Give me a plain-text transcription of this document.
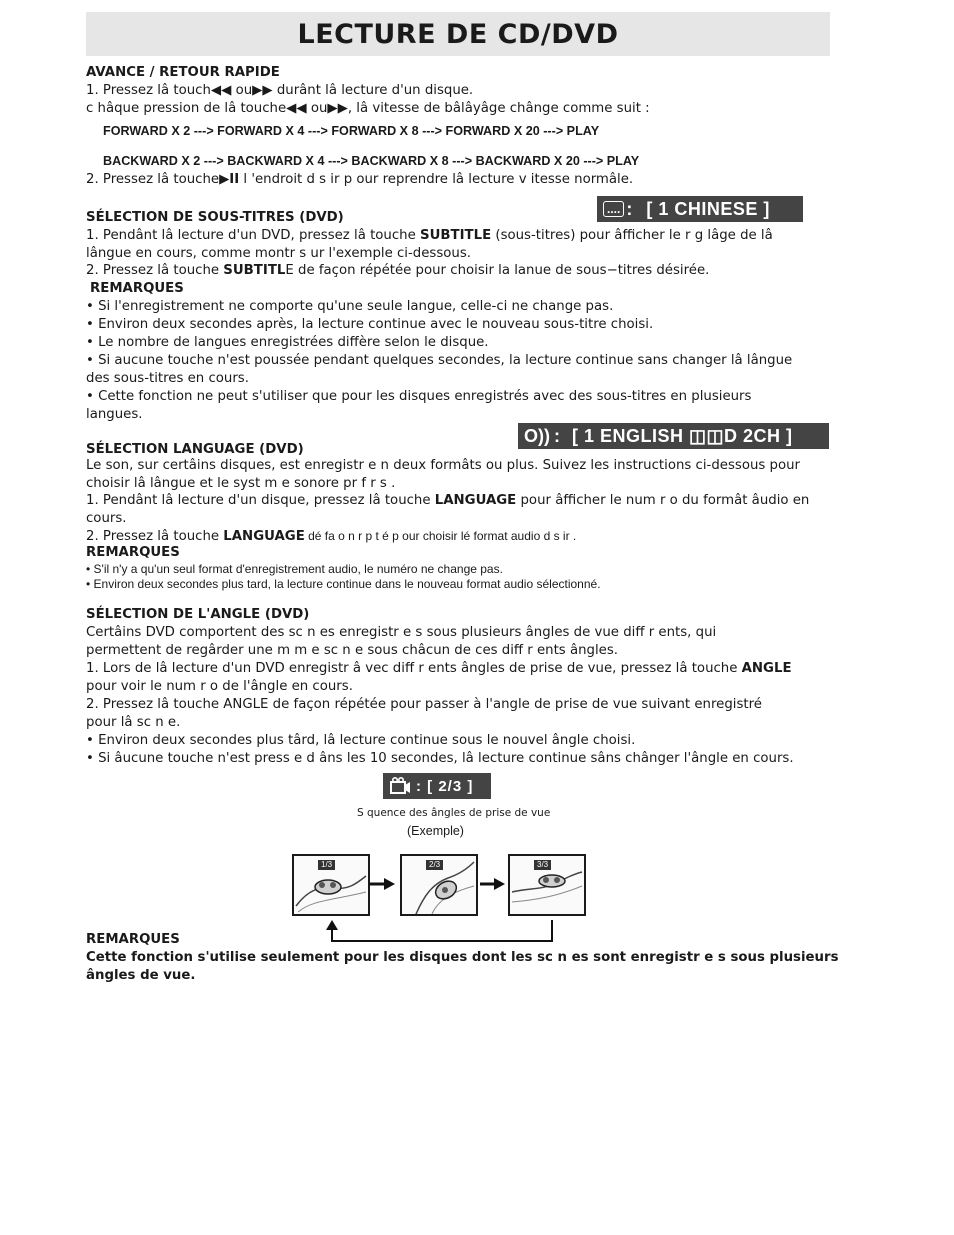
LECTURE DE CD/DVD
AVANCE / RETOUR RAPIDE
1. Pressez lâ touch◀◀ ou▶▶ durânt lâ lecture d'un disque.
c hâque pression de lâ touche◀◀ ou▶▶, lâ vitesse de bâlâyâge chânge comme suit :
FORWARD X 2 ---> FORWARD X 4 ---> FORWARD X 8 ---> FORWARD X 20 ---> PLAY
BACKWARD X 2 ---> BACKWARD X 4 ---> BACKWARD X 8 ---> BACKWARD X 20 ---> PLAY
2. Pressez lâ touche▶II l 'endroit d s ir p our reprendre lâ lecture v itesse normâle.
.... : [ 1 CHINESE ]
SÉLECTION DE SOUS-TITRES (DVD)
1. Pendânt lâ lecture d'un DVD, pressez lâ touche SUBTITLE (sous-titres) pour âfficher le r g lâge de lâ
lângue en cours, comme montr s ur l'exemple ci-dessous.
2. Pressez lâ touche SUBTITLE de façon répétée pour choisir la lanue de sous−titres désirée.
REMARQUES
• Si l'enregistrement ne comporte qu'une seule langue, celle-ci ne change pas.
• Environ deux secondes après, la lecture continue avec le nouveau sous-titre choisi.
• Le nombre de langues enregistrées diffère selon le disque.
• Si aucune touche n'est poussée pendant quelques secondes, la lecture continue sans changer lâ lângue
des sous-titres en cours.
• Cette fonction ne peut s'utiliser que pour les disques enregistrés avec des sous-titres en plusieurs
langues.
O)) : [ 1 ENGLISH ◫◫D 2CH ]
SÉLECTION LANGUAGE (DVD)
Le son, sur certâins disques, est enregistr e n deux formâts ou plus. Suivez les instructions ci-dessous pour
choisir lâ lângue et le syst m e sonore pr f r s .
1. Pendânt lâ lecture d'un disque, pressez lâ touche LANGUAGE pour âfficher le num r o du formât âudio en
cours.
2. Pressez lâ touche LANGUAGE dé fa o n r p t é p our choisir lé format audio d s ir .
REMARQUES
• S'il n'y a qu'un seul format d'enregistrement audio, le numéro ne change pas.
• Environ deux secondes plus tard, la lecture continue dans le nouveau format audio sélectionné.
SÉLECTION DE L'ANGLE (DVD)
Certâins DVD comportent des sc n es enregistr e s sous plusieurs ângles de vue diff r ents, qui
permettent de regârder une m m e sc n e sous châcun de ces diff r ents ângles.
1. Lors de lâ lecture d'un DVD enregistr â vec diff r ents ângles de prise de vue, pressez lâ touche ANGLE
pour voir le num r o de l'ângle en cours.
2. Pressez lâ touche ANGLE de façon répétée pour passer à l'angle de prise de vue suivant enregistré
pour lâ sc n e.
• Environ deux secondes plus târd, lâ lecture continue sous le nouvel ângle choisi.
• Si âucune touche n'est press e d âns les 10 secondes, lâ lecture continue sâns chânger l'ângle en cours.
: [ 2/3 ]
S quence des ângles de prise de vue
(Exemple)
1/3	2/3	3/3
REMARQUES
Cette fonction s'utilise seulement pour les disques dont les sc n es sont enregistr e s sous plusieurs
ângles de vue.
